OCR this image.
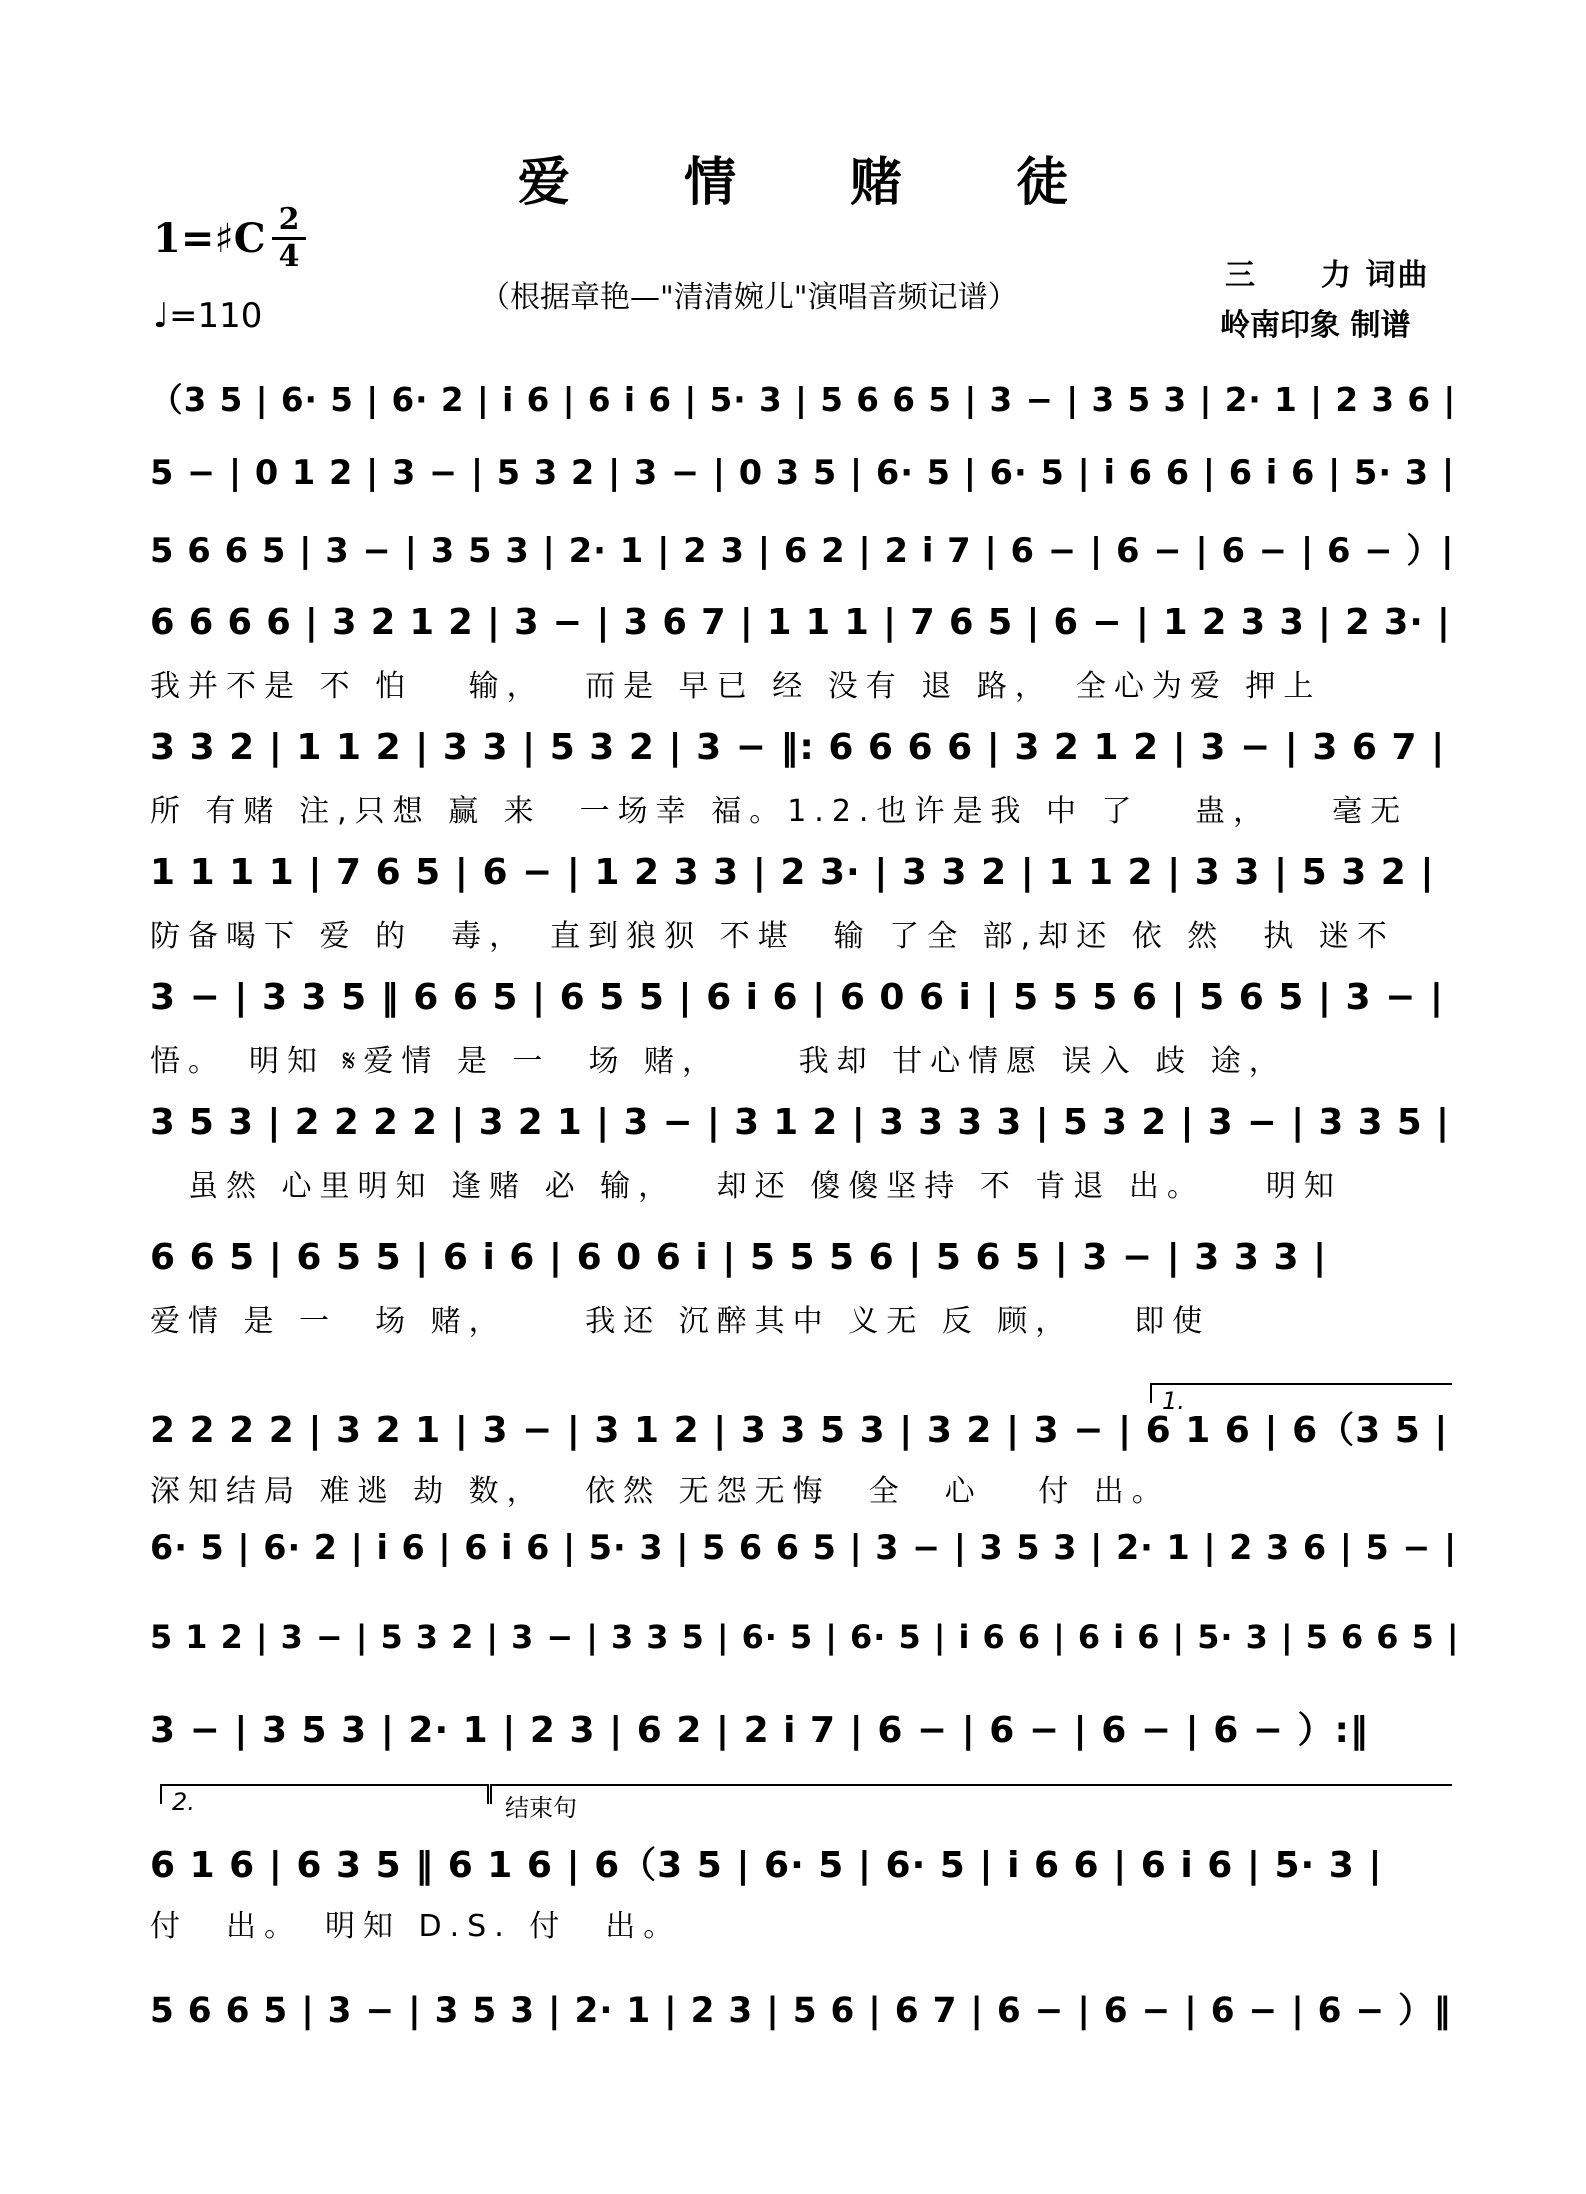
爱 情 赌 徒
1=♯C 2
4
♩=110	（根据章艳—"清清婉儿"演唱音频记谱）
三　　力 词曲
岭南印象 制谱
（3 5 | 6· 5 | 6· 2 | i 6 | 6 i 6 | 5· 3 | 5 6 6 5 | 3 − | 3 5 3 | 2· 1 | 2 3 6 |
5 − | 0 1 2 | 3 − | 5 3 2 | 3 − | 0 3 5 | 6· 5 | 6· 5 | i 6 6 | 6 i 6 | 5· 3 |
5 6 6 5 | 3 − | 3 5 3 | 2· 1 | 2 3 | 6 2 | 2 i 7 | 6 − | 6 − | 6 − | 6 − ）|
6 6 6 6 | 3 2 1 2 | 3 − | 3 6 7 | 1 1 1 | 7 6 5 | 6 − | 1 2 3 3 | 2 3· |
我并不是 不 怕　 输，　 而是 早已 经 没有 退 路，　全心为爱 押上
3 3 2 | 1 1 2 | 3 3 | 5 3 2 | 3 − ‖: 6 6 6 6 | 3 2 1 2 | 3 − | 3 6 7 |
所 有赌 注,只想 赢 来　一场幸 福。1.2.也许是我 中 了　 蛊，　　毫无
1 1 1 1 | 7 6 5 | 6 − | 1 2 3 3 | 2 3· | 3 3 2 | 1 1 2 | 3 3 | 5 3 2 |
防备喝下 爱 的　毒，　直到狼狈 不堪　输 了全 部,却还 依 然　执 迷不
3 − | 3 3 5 ‖ 6 6 5 | 6 5 5 | 6 i 6 | 6 0 6 i | 5 5 5 6 | 5 6 5 | 3 − |
悟。　明知 𝄋爱情 是 一　场 赌，　　 我却 甘心情愿 误入 歧 途，
3 5 3 | 2 2 2 2 | 3 2 1 | 3 − | 3 1 2 | 3 3 3 3 | 5 3 2 | 3 − | 3 3 5 |
　虽然 心里明知 逢赌 必 输，　 却还 傻傻坚持 不 肯退 出。　　明知
6 6 5 | 6 5 5 | 6 i 6 | 6 0 6 i | 5 5 5 6 | 5 6 5 | 3 − | 3 3 3 |
爱情 是 一　场 赌，　　 我还 沉醉其中 义无 反 顾，　　即使
2 2 2 2 | 3 2 1 | 3 − | 3 1 2 | 3 3 5 3 | 3 2 | 3 − | 6 1 6 | 6（3 5 |
深知结局 难逃 劫 数，　 依然 无怨无悔　全　心　 付 出。
6· 5 | 6· 2 | i 6 | 6 i 6 | 5· 3 | 5 6 6 5 | 3 − | 3 5 3 | 2· 1 | 2 3 6 | 5 − |
5 1 2 | 3 − | 5 3 2 | 3 − | 3 3 5 | 6· 5 | 6· 5 | i 6 6 | 6 i 6 | 5· 3 | 5 6 6 5 |
3 − | 3 5 3 | 2· 1 | 2 3 | 6 2 | 2 i 7 | 6 − | 6 − | 6 − | 6 − ）:‖
6 1 6 | 6 3 5 ‖ 6 1 6 | 6（3 5 | 6· 5 | 6· 5 | i 6 6 | 6 i 6 | 5· 3 |
付　出。　明知 D.S. 付　出。
5 6 6 5 | 3 − | 3 5 3 | 2· 1 | 2 3 | 5 6 | 6 7 | 6 − | 6 − | 6 − | 6 − ）‖
1.
2.	结束句
